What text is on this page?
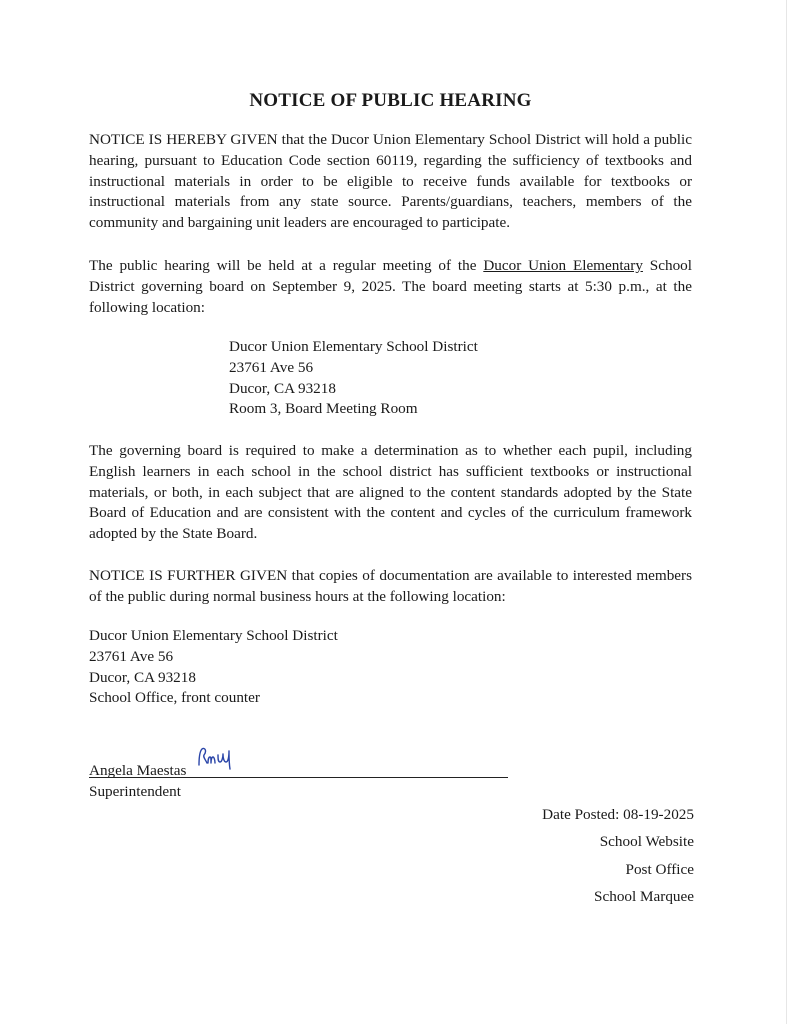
NOTICE OF PUBLIC HEARING

NOTICE IS HEREBY GIVEN that the Ducor Union Elementary School District will hold a public hearing, pursuant to Education Code section 60119, regarding the sufficiency of textbooks and instructional materials in order to be eligible to receive funds available for textbooks or instructional materials from any state source. Parents/guardians, teachers, members of the community and bargaining unit leaders are encouraged to participate.

The public hearing will be held at a regular meeting of the Ducor Union Elementary School District governing board on September 9, 2025. The board meeting starts at 5:30 p.m., at the following location:

Ducor Union Elementary School District
23761 Ave 56
Ducor, CA 93218
Room 3, Board Meeting Room

The governing board is required to make a determination as to whether each pupil, including English learners in each school in the school district has sufficient textbooks or instructional materials, or both, in each subject that are aligned to the content standards adopted by the State Board of Education and are consistent with the content and cycles of the curriculum framework adopted by the State Board.

NOTICE IS FURTHER GIVEN that copies of documentation are available to interested members of the public during normal business hours at the following location:

Ducor Union Elementary School District
23761 Ave 56
Ducor, CA 93218
School Office, front counter
Angela Maestas
Superintendent
Date Posted: 08-19-2025
School Website
Post Office
School Marquee
